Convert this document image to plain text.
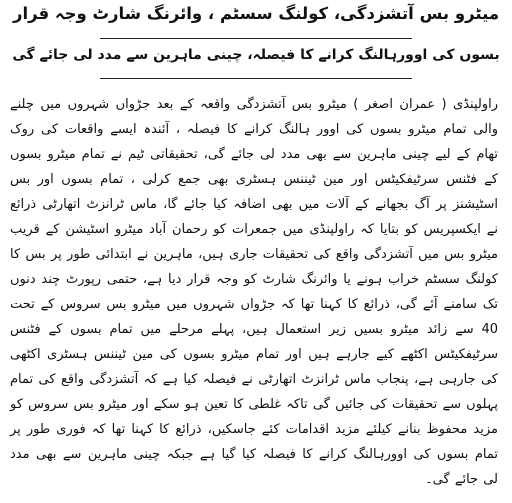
میٹرو بس آتشزدگی، کولنگ سسٹم ، وائرنگ شارٹ وجہ قرار
بسوں کی اوورہالنگ کرانے کا فیصلہ، چینی ماہرین سے مدد لی جائے گی
راولپنڈی ( عمران اصغر ) میٹرو بس آتشزدگی واقعہ کے بعد جڑواں شہروں میں چلنے والی تمام میٹرو بسوں کی اوور ہالنگ کرانے کا فیصلہ ، آئندہ ایسے واقعات کی روک تھام کے لیے چینی ماہرین سے بھی مدد لی جائے گی، تحقیقاتی ٹیم نے تمام میٹرو بسوں کے فٹنس سرٹیفکیٹس اور مین ٹیننس ہسٹری بھی جمع کرلی ، تمام بسوں اور بس اسٹیشنز پر آگ بجھانے کے آلات میں بھی اضافہ کیا جائے گا، ماس ٹرانزٹ اتھارٹی ذرائع نے ایکسپریس کو بتایا کہ راولپنڈی میں جمعرات کو رحمان آباد میٹرو اسٹیشن کے قریب میٹرو بس میں آتشزدگی واقع کی تحقیقات جاری ہیں، ماہرین نے ابتدائی طور پر بس کا کولنگ سسٹم خراب ہونے یا وائرنگ شارٹ کو وجہ قرار دیا ہے، حتمی رپورٹ چند دنوں تک سامنے آئے گی، ذرائع کا کہنا تھا کہ جڑواں شہروں میں میٹرو بس سروس کے تحت 40 سے زائد میٹرو بسیں زیر استعمال ہیں، پہلے مرحلے میں تمام بسوں کے فٹنس سرٹیفکیٹس اکٹھے کیے جارہے ہیں اور تمام میٹرو بسوں کی مین ٹیننس ہسٹری اکٹھی کی جارہی ہے، پنجاب ماس ٹرانزٹ اتھارٹی نے فیصلہ کیا ہے کہ آتشزدگی واقع کی تمام پہلوں سے تحقیقات کی جائیں گی تاکہ غلطی کا تعین ہو سکے اور میٹرو بس سروس کو مزید محفوظ بنانے کیلئے مزید اقدامات کئے جاسکیں، ذرائع کا کہنا تھا کہ فوری طور پر تمام بسوں کی اوورہالنگ کرانے کا فیصلہ کیا گیا ہے جبکہ چینی ماہرین سے بھی مدد لی جائے گی۔
